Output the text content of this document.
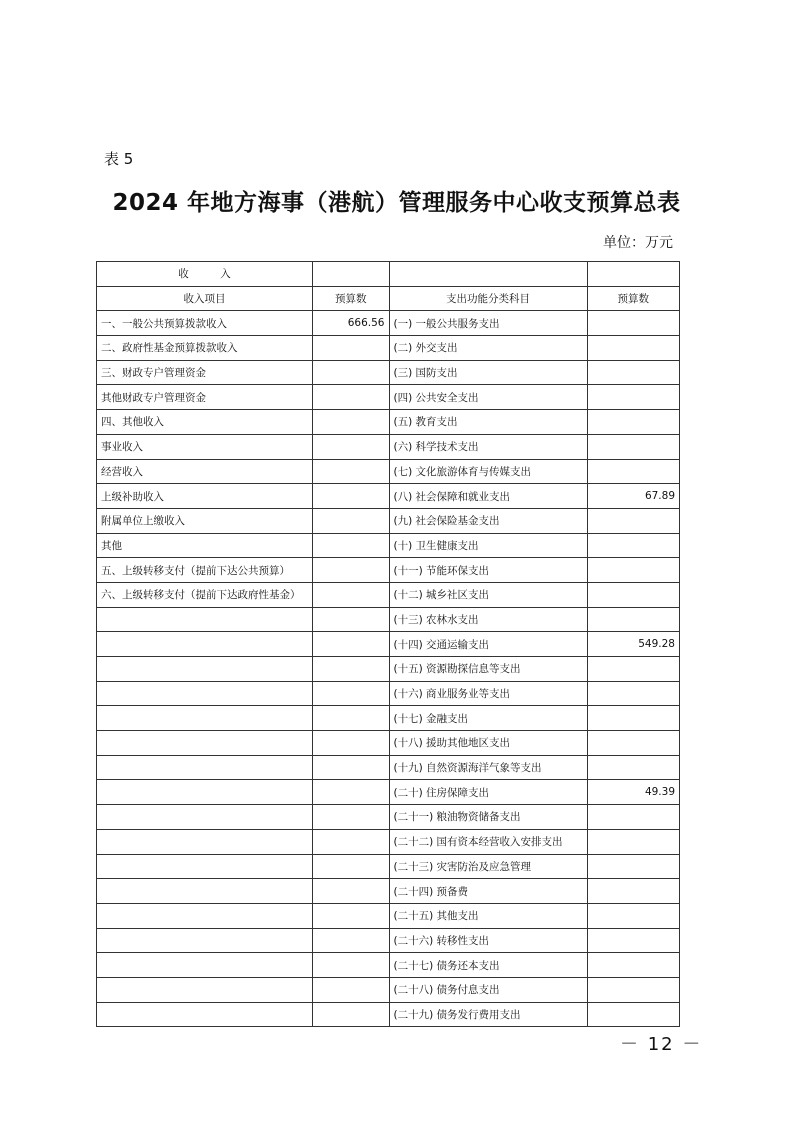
表 5
2024 年地方海事（港航）管理服务中心收支预算总表
单位：万元
收　　　入			
收入项目	预算数	支出功能分类科目	预算数
一、一般公共预算拨款收入	666.56	(一) 一般公共服务支出	
二、政府性基金预算拨款收入		(二) 外交支出	
三、财政专户管理资金		(三) 国防支出	
其他财政专户管理资金		(四) 公共安全支出	
四、其他收入		(五) 教育支出	
事业收入		(六) 科学技术支出	
经营收入		(七) 文化旅游体育与传媒支出	
上级补助收入		(八) 社会保障和就业支出	67.89
附属单位上缴收入		(九) 社会保险基金支出	
其他		(十) 卫生健康支出	
五、上级转移支付（提前下达公共预算）		(十一) 节能环保支出	
六、上级转移支付（提前下达政府性基金）		(十二) 城乡社区支出	
		(十三) 农林水支出	
		(十四) 交通运输支出	549.28
		(十五) 资源勘探信息等支出	
		(十六) 商业服务业等支出	
		(十七) 金融支出	
		(十八) 援助其他地区支出	
		(十九) 自然资源海洋气象等支出	
		(二十) 住房保障支出	49.39
		(二十一) 粮油物资储备支出	
		(二十二) 国有资本经营收入安排支出	
		(二十三) 灾害防治及应急管理	
		(二十四) 预备费	
		(二十五) 其他支出	
		(二十六) 转移性支出	
		(二十七) 债务还本支出	
		(二十八) 债务付息支出	
		(二十九) 债务发行费用支出	
－ 12 －
